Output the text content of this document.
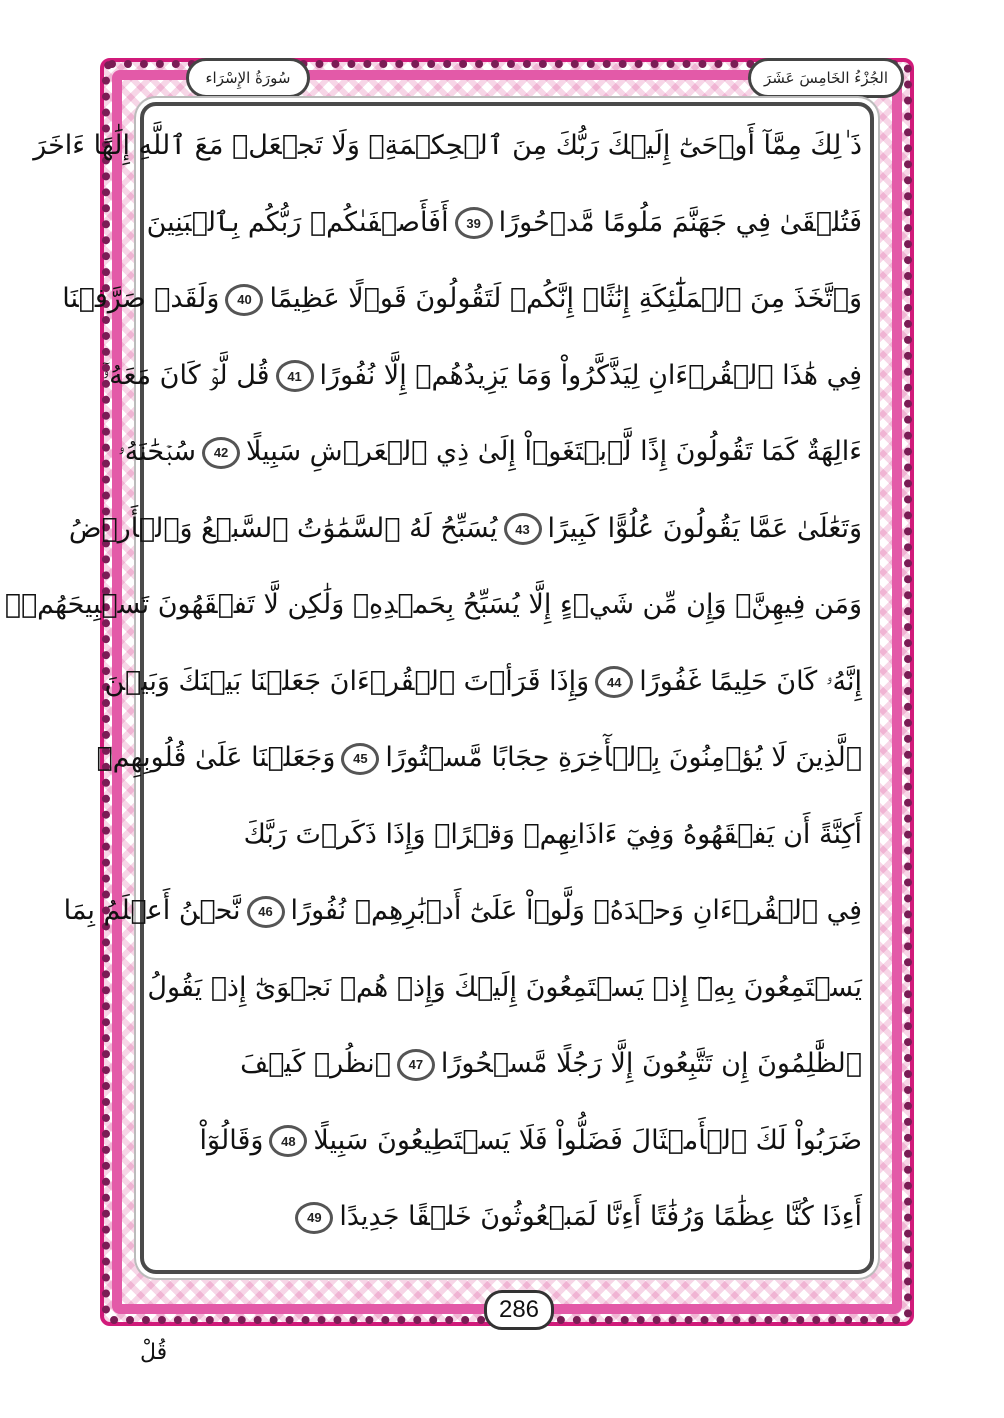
الجُزْءُ الخَامِسَ عَشَرَ
سُورَةُ الإِسْرَاء
ذَ ٰلِكَ مِمَّآ أَوۡحَىٰٓ إِلَيۡكَ رَبُّكَ مِنَ ٱلۡحِكۡمَةِۗ وَلَا تَجۡعَلۡ مَعَ ٱللَّهِ إِلَٰهًا ءَاخَرَ
فَتُلۡقَىٰ فِي جَهَنَّمَ مَلُومًا مَّدۡحُورًا39أَفَأَصۡفَىٰكُمۡ رَبُّكُم بِٱلۡبَنِينَ
وَٱتَّخَذَ مِنَ ٱلۡمَلَٰٓئِكَةِ إِنَٰثًاۚ إِنَّكُمۡ لَتَقُولُونَ قَوۡلًا عَظِيمًا40وَلَقَدۡ صَرَّفۡنَا
فِي هَٰذَا ٱلۡقُرۡءَانِ لِيَذَّكَّرُواْ وَمَا يَزِيدُهُمۡ إِلَّا نُفُورًا41قُل لَّوۡ كَانَ مَعَهُۥٓ
ءَالِهَةٌ كَمَا تَقُولُونَ إِذًا لَّٱبۡتَغَوۡاْ إِلَىٰ ذِي ٱلۡعَرۡشِ سَبِيلًا42سُبۡحَٰنَهُۥ
وَتَعَٰلَىٰ عَمَّا يَقُولُونَ عُلُوًّا كَبِيرًا43يُسَبِّحُ لَهُ ٱلسَّمَٰوَٰتُ ٱلسَّبۡعُ وَٱلۡأَرۡضُ
وَمَن فِيهِنَّۚ وَإِن مِّن شَيۡءٍ إِلَّا يُسَبِّحُ بِحَمۡدِهِۦ وَلَٰكِن لَّا تَفۡقَهُونَ تَسۡبِيحَهُمۡۚ
إِنَّهُۥ كَانَ حَلِيمًا غَفُورًا44وَإِذَا قَرَأۡتَ ٱلۡقُرۡءَانَ جَعَلۡنَا بَيۡنَكَ وَبَيۡنَ
ٱلَّذِينَ لَا يُؤۡمِنُونَ بِٱلۡأٓخِرَةِ حِجَابًا مَّسۡتُورًا45وَجَعَلۡنَا عَلَىٰ قُلُوبِهِمۡ
أَكِنَّةً أَن يَفۡقَهُوهُ وَفِيٓ ءَاذَانِهِمۡ وَقۡرًاۚ وَإِذَا ذَكَرۡتَ رَبَّكَ
فِي ٱلۡقُرۡءَانِ وَحۡدَهُۥ وَلَّوۡاْ عَلَىٰٓ أَدۡبَٰرِهِمۡ نُفُورًا46نَّحۡنُ أَعۡلَمُ بِمَا
يَسۡتَمِعُونَ بِهِۦٓ إِذۡ يَسۡتَمِعُونَ إِلَيۡكَ وَإِذۡ هُمۡ نَجۡوَىٰٓ إِذۡ يَقُولُ
ٱلظَّٰلِمُونَ إِن تَتَّبِعُونَ إِلَّا رَجُلًا مَّسۡحُورًا47ٱنظُرۡ كَيۡفَ
ضَرَبُواْ لَكَ ٱلۡأَمۡثَالَ فَضَلُّواْ فَلَا يَسۡتَطِيعُونَ سَبِيلًا48وَقَالُوٓاْ
أَءِذَا كُنَّا عِظَٰمًا وَرُفَٰتًا أَءِنَّا لَمَبۡعُوثُونَ خَلۡقًا جَدِيدًا49
286
قُلْ
